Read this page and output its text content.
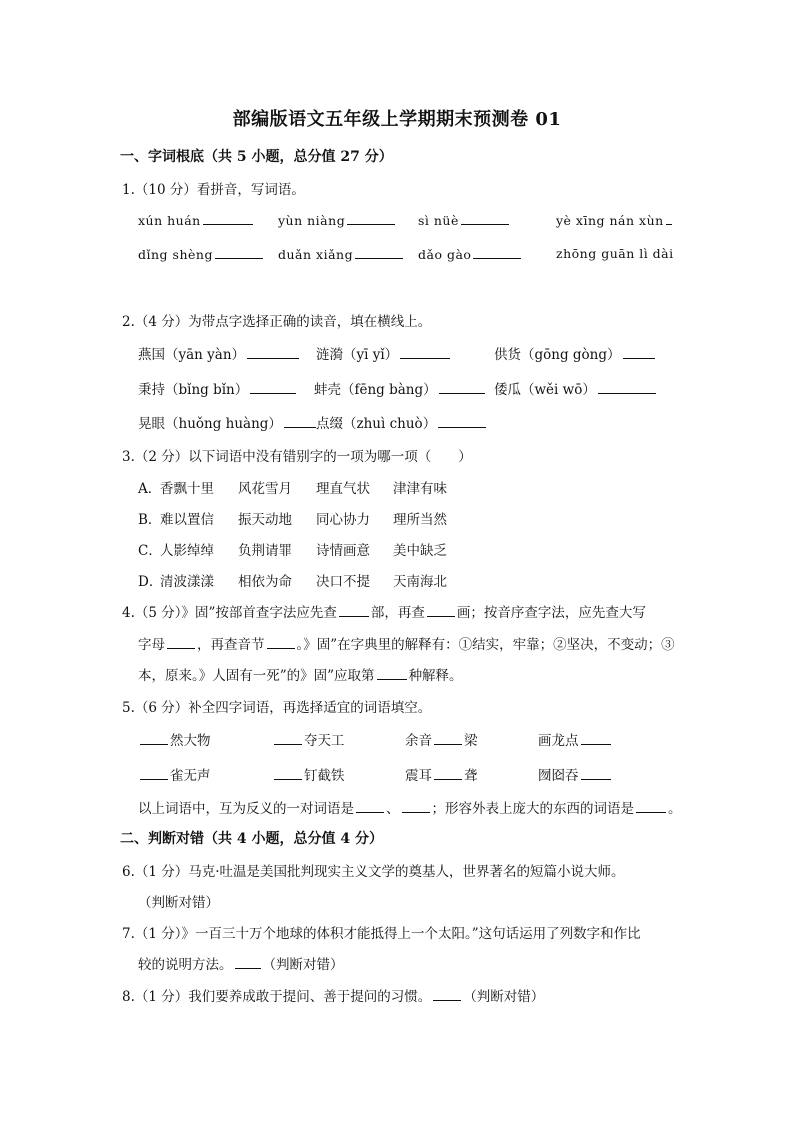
部编版语文五年级上学期期末预测卷 01
一、字词根底（共 5 小题，总分值 27 分）
1.（10 分）看拼音，写词语。
xún huán	yùn niàng	sì nüè	yè xīng nán xùn
dǐng shèng	duǎn xiǎng	dǎo gào	zhōng guān lì dài
2.（4 分）为带点字选择正确的读音，填在横线上。
燕国（yān yàn）	涟漪（yī yǐ）	供货（gōng gòng）
秉持（bǐng bǐn）	蚌壳（fēng bàng）	倭瓜（wěi wō）
晃眼（huǒng huàng）	点缀（zhuì chuò）
3.（2 分）以下词语中没有错别字的一项为哪一项（　　）
A．
香飘十里 风花雪月 理直气状 津津有味
B．
难以置信 振天动地 同心协力 理所当然
C．
人影绰绰 负荆请罪 诗情画意 美中缺乏
D．
清波漾漾 相依为命 决口不提 天南海北
4.（5 分）》固”按部首查字法应先查	部，再查 画；按音序查字法，应先查大写
字母 ，再查音节 。》固”在字典里的解释有：①结实，牢靠；②坚决，不变动；③
本，原来。》人固有一死”的》固”应取第	种解释。
5.（6 分）补全四字词语，再选择适宜的词语填空。
然大物	夺天工	余音 梁	画龙点
雀无声	钉截铁	震耳 聋	囫囵吞
以上词语中，互为反义的一对词语是 、 ；形容外表上庞大的东西的词语是	。
二、判断对错（共 4 小题，总分值 4 分）
6.（1 分）马克·吐温是美国批判现实主义文学的奠基人，世界著名的短篇小说大师。
（判断对错）
7.（1 分）》一百三十万个地球的体积才能抵得上一个太阳。”这句话运用了列数字和作比
较的说明方法。 （判断对错）
8.（1 分）我们要养成敢于提问、善于提问的习惯。 （判断对错）
